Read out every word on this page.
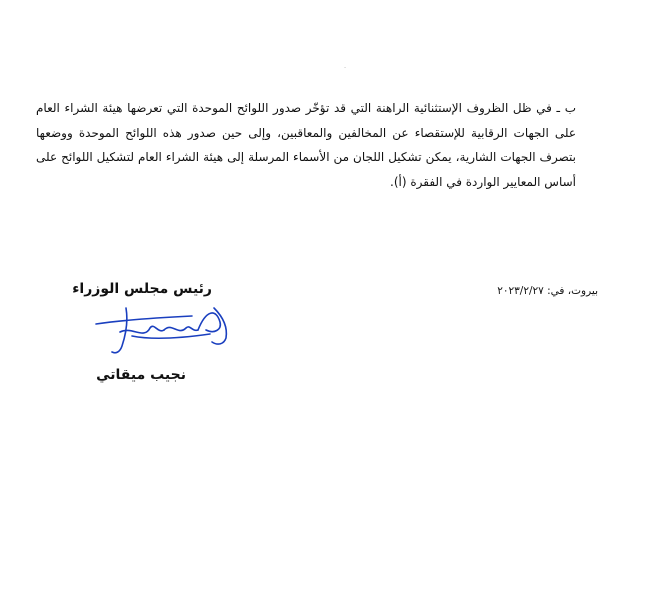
-
ب ـ في ظل الظروف الإستثنائية الراهنة التي قد تؤخّر صدور اللوائح الموحدة التي تعرضها هيئة الشراء العام على الجهات الرقابية للإستقصاء عن المخالفين والمعاقبين، وإلى حين صدور هذه اللوائح الموحدة ووضعها بتصرف الجهات الشارية، يمكن تشكيل اللجان من الأسماء المرسلة إلى هيئة الشراء العام لتشكيل اللوائح على أساس المعايير الواردة في الفقرة (أ).
بيروت، في: ٢٠٢٣/٢/٢٧
رئيس مجلس الوزراء
نجيب ميقاتي
